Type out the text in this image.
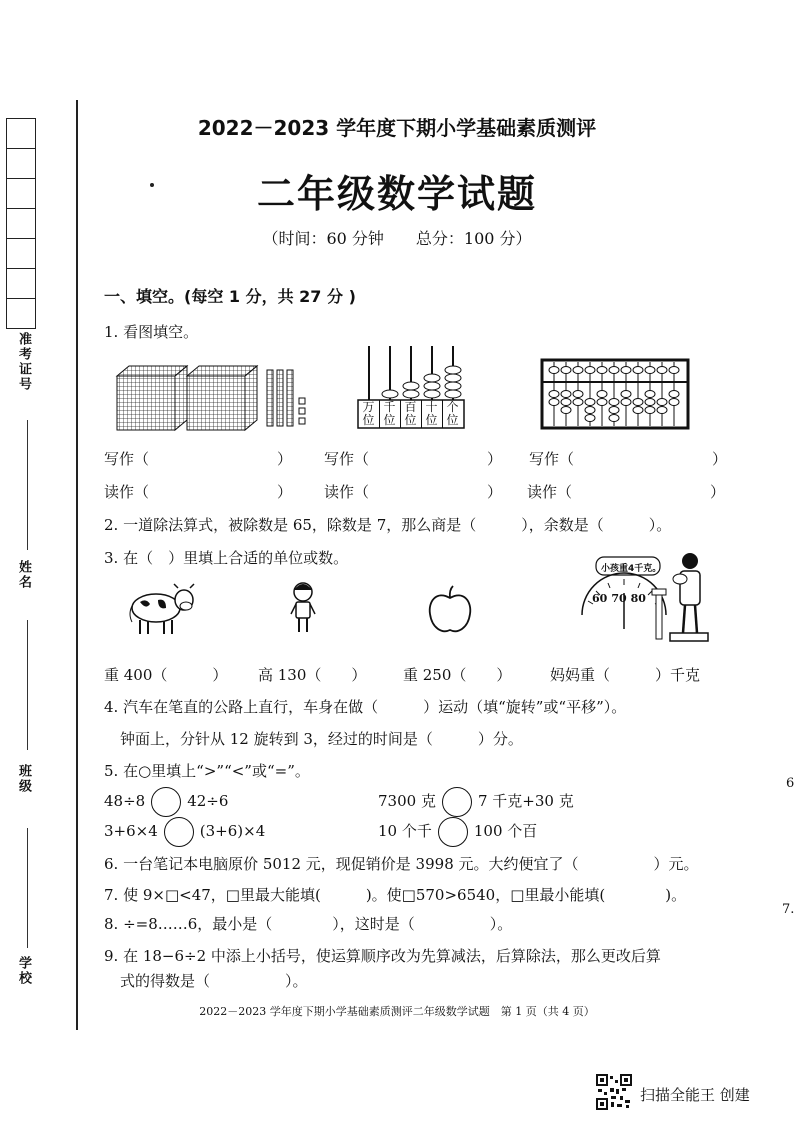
准考证号
姓名
班级
学校
2022－2023 学年度下期小学基础素质测评
二年级数学试题
（时间：60 分钟　　总分：100 分）
一、填空。(每空 1 分，共 27 分 )
1. 看图填空。
万位
千位
百位
十位
个位
写作（	） 写作（	） 写作（	）
读作（	） 读作（	） 读作（	）
2. 一道除法算式，被除数是 65，除数是 7，那么商是（　　　），余数是（　　　）。
3. 在（　）里填上合适的单位或数。
小孩重4千克。
60 70 80
重 400（　　　） 高 130（　　） 重 250（　　）	妈妈重（　　　）千克
4. 汽车在笔直的公路上直行，车身在做（　　　）运动（填“旋转”或“平移”）。
钟面上，分针从 12 旋转到 3，经过的时间是（　　　）分。
5. 在○里填上“>”“<”或“=”。
48÷8	42÷6	7300 克	7 千克+30 克
3+6×4	(3+6)×4	10 个千	100 个百
6. 一台笔记本电脑原价 5012 元，现促销价是 3998 元。大约便宜了（　　　　　）元。
7. 使 9×□<47，□里最大能填(　　　)。使□570>6540，□里最小能填(　　　　)。
8. ÷=8……6，最小是（　　　　），这时是（　　　　　）。
9. 在 18−6÷2 中添上小括号，使运算顺序改为先算减法，后算除法，那么更改后算
式的得数是（　　　　　）。
6
7.
2022－2023 学年度下期小学基础素质测评二年级数学试题　第 1 页（共 4 页）
扫描全能王 创建
